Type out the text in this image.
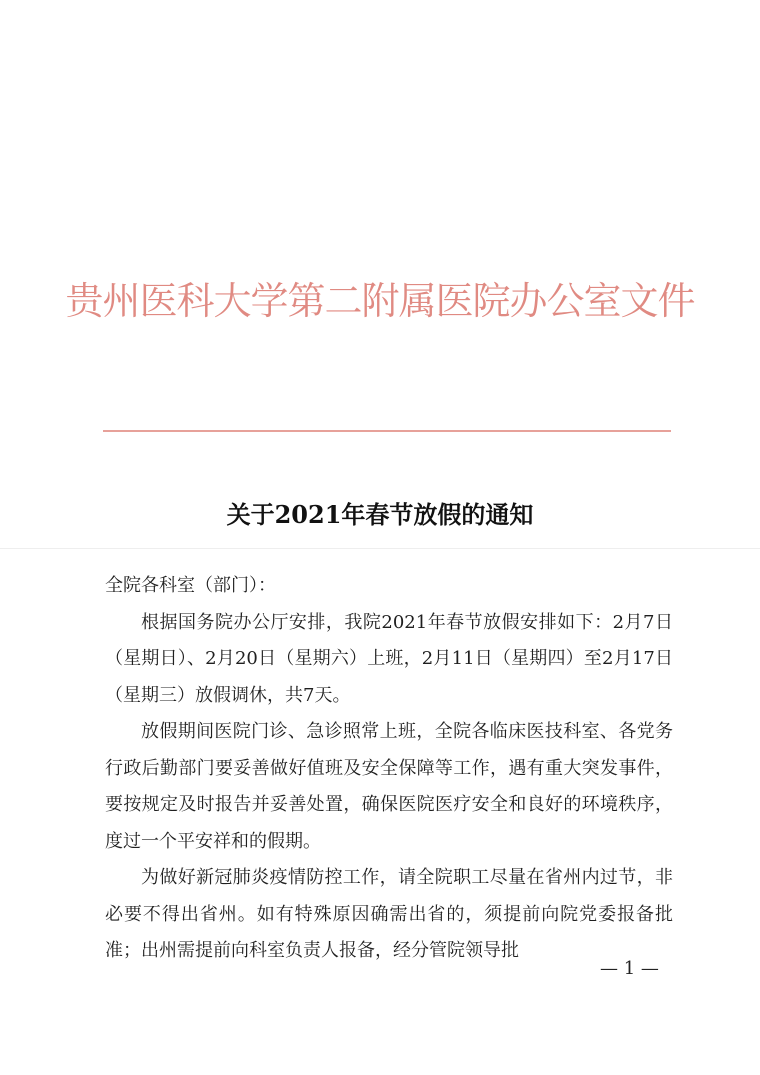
贵州医科大学第二附属医院办公室文件
关于2021年春节放假的通知

全院各科室（部门）：

根据国务院办公厅安排，我院2021年春节放假安排如下：2月7日（星期日）、2月20日（星期六）上班，2月11日（星期四）至2月17日（星期三）放假调休，共7天。

放假期间医院门诊、急诊照常上班，全院各临床医技科室、各党务行政后勤部门要妥善做好值班及安全保障等工作，遇有重大突发事件，要按规定及时报告并妥善处置，确保医院医疗安全和良好的环境秩序，度过一个平安祥和的假期。

为做好新冠肺炎疫情防控工作，请全院职工尽量在省州内过节，非必要不得出省州。如有特殊原因确需出省的，须提前向院党委报备批准；出州需提前向科室负责人报备，经分管院领导批

— 1 —
